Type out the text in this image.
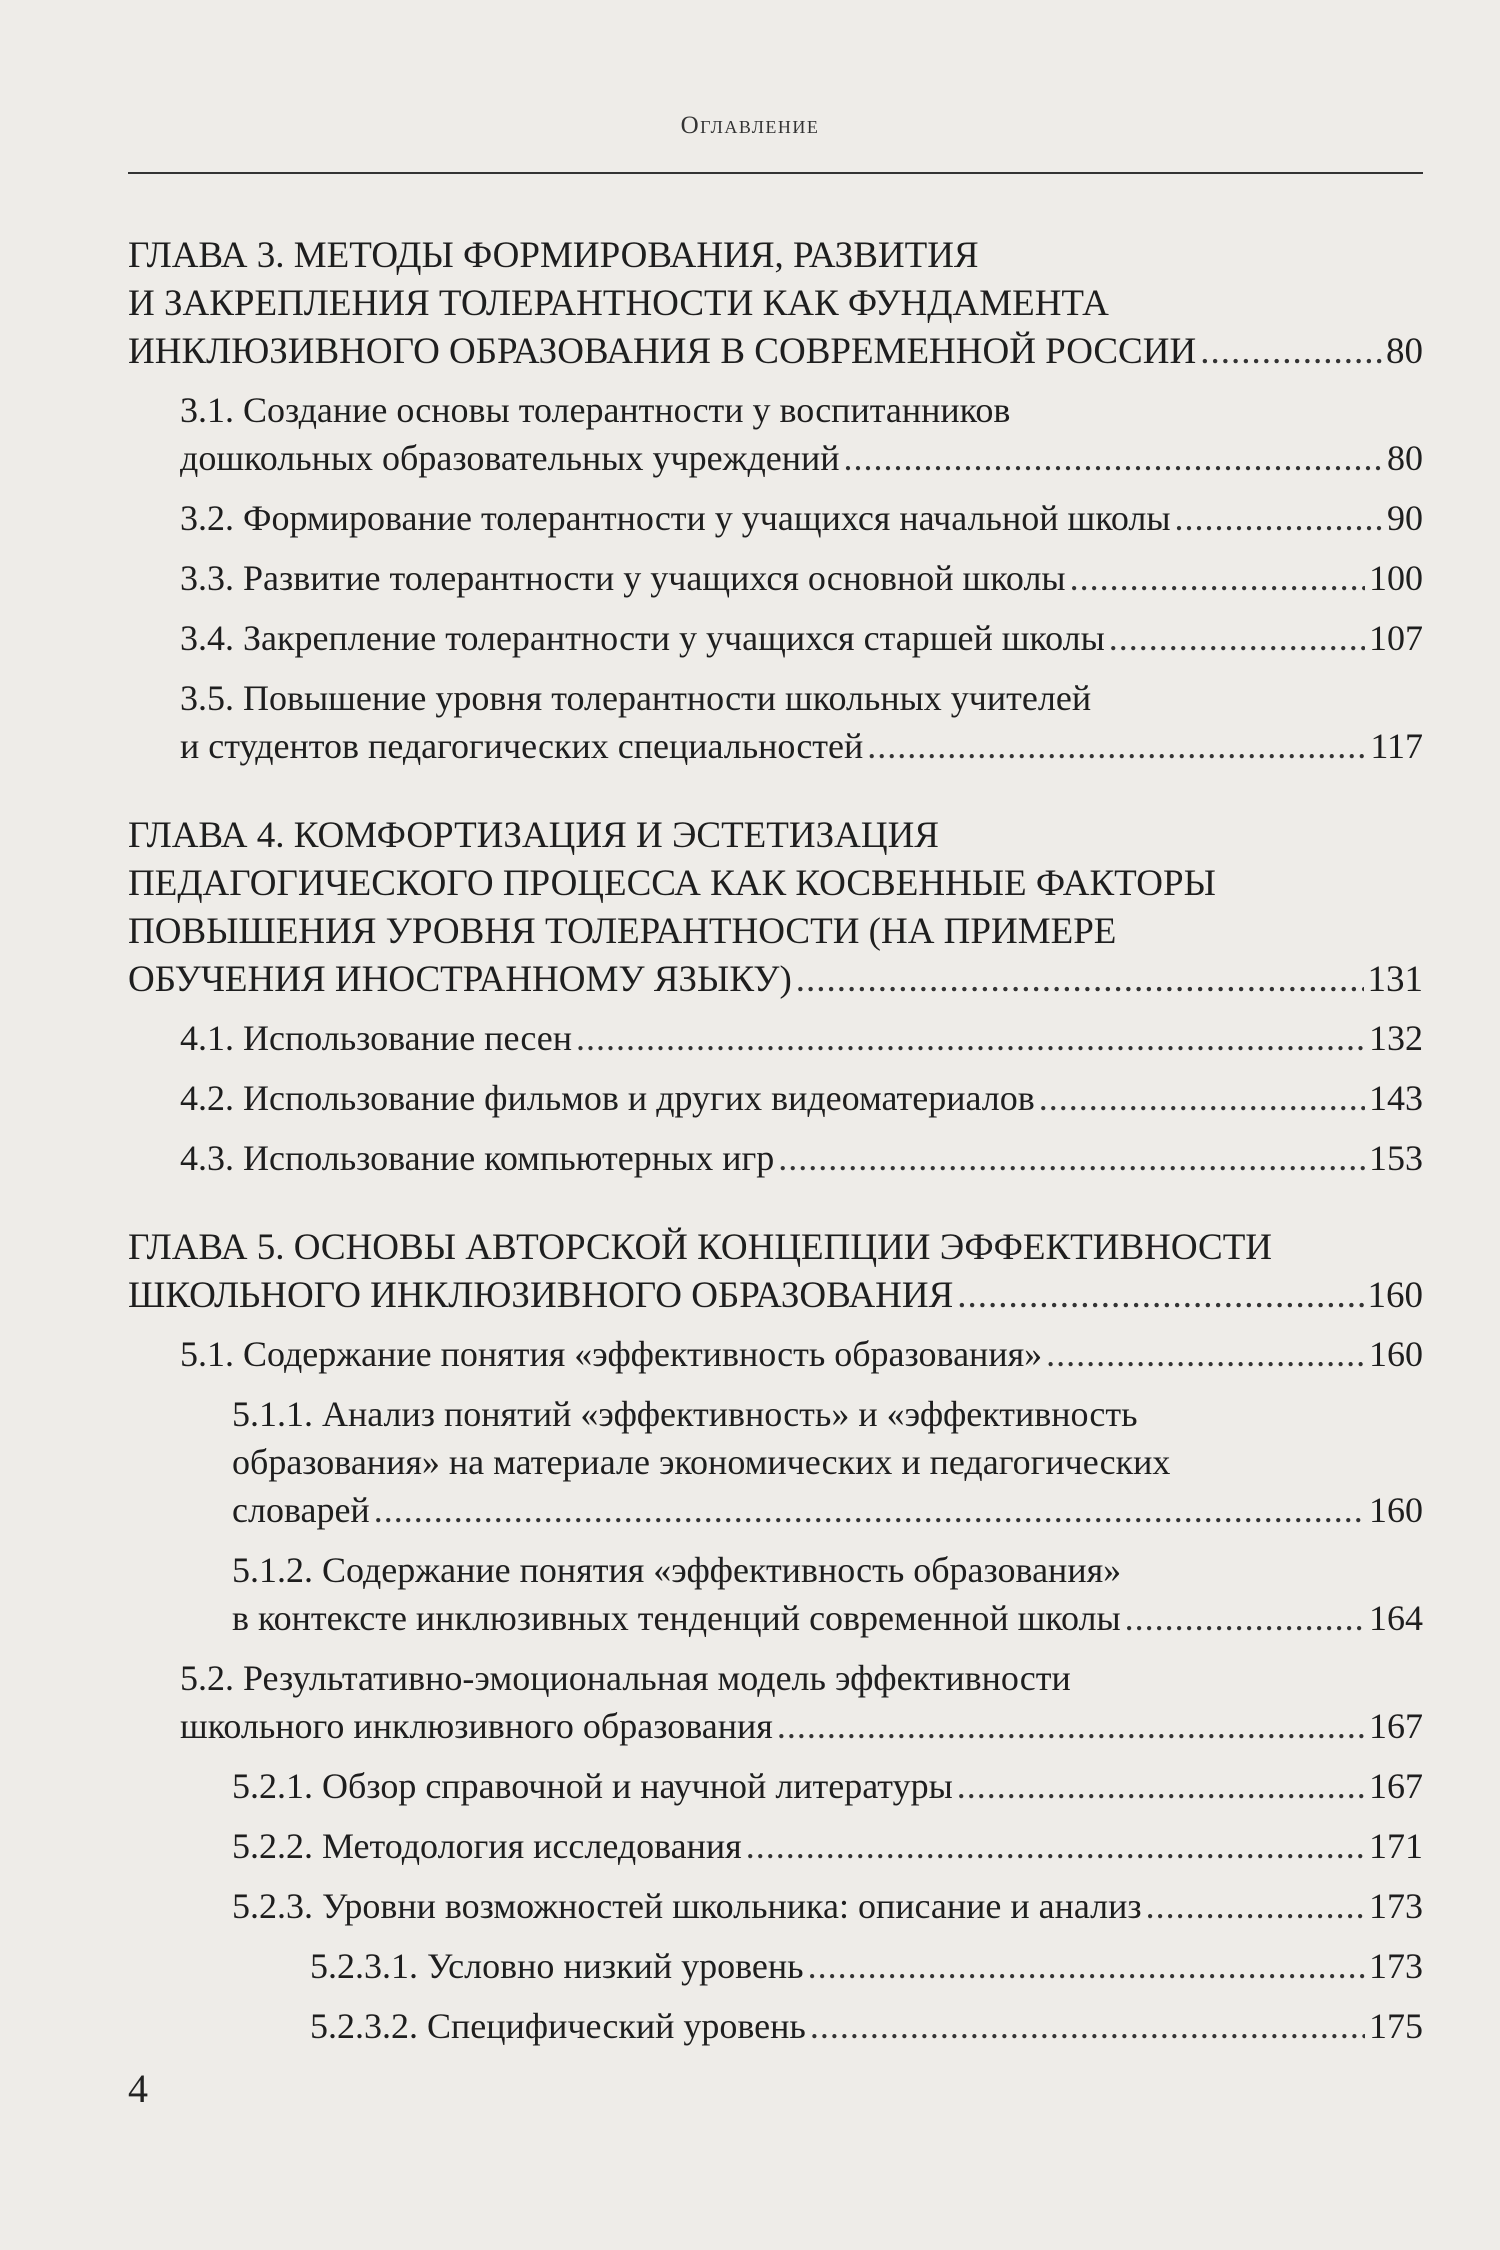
Оглавление
ГЛАВА 3. МЕТОДЫ ФОРМИРОВАНИЯ, РАЗВИТИЯ
И ЗАКРЕПЛЕНИЯ ТОЛЕРАНТНОСТИ КАК ФУНДАМЕНТА
ИНКЛЮЗИВНОГО ОБРАЗОВАНИЯ В СОВРЕМЕННОЙ РОССИИ .....	80
3.1. Создание основы толерантности у воспитанников
дошкольных образовательных учреждений .....	80
3.2. Формирование толерантности у учащихся начальной школы .....	90
3.3. Развитие толерантности у учащихся основной школы .....	100
3.4. Закрепление толерантности у учащихся старшей школы .....	107
3.5. Повышение уровня толерантности школьных учителей
и студентов педагогических специальностей .....	117
ГЛАВА 4. КОМФОРТИЗАЦИЯ И ЭСТЕТИЗАЦИЯ
ПЕДАГОГИЧЕСКОГО ПРОЦЕССА КАК КОСВЕННЫЕ ФАКТОРЫ
ПОВЫШЕНИЯ УРОВНЯ ТОЛЕРАНТНОСТИ (НА ПРИМЕРЕ
ОБУЧЕНИЯ ИНОСТРАННОМУ ЯЗЫКУ) .....	131
4.1. Использование песен .....	132
4.2. Использование фильмов и других видеоматериалов .....	143
4.3. Использование компьютерных игр .....	153
ГЛАВА 5. ОСНОВЫ АВТОРСКОЙ КОНЦЕПЦИИ ЭФФЕКТИВНОСТИ
ШКОЛЬНОГО ИНКЛЮЗИВНОГО ОБРАЗОВАНИЯ .....	160
5.1. Содержание понятия «эффективность образования» .....	160
5.1.1. Анализ понятий «эффективность» и «эффективность
образования» на материале экономических и педагогических
словарей .....	160
5.1.2. Содержание понятия «эффективность образования»
в контексте инклюзивных тенденций современной школы .....	164
5.2. Результативно-эмоциональная модель эффективности
школьного инклюзивного образования .....	167
5.2.1. Обзор справочной и научной литературы .....	167
5.2.2. Методология исследования .....	171
5.2.3. Уровни возможностей школьника: описание и анализ .....	173
5.2.3.1. Условно низкий уровень .....	173
5.2.3.2. Специфический уровень .....	175
4
